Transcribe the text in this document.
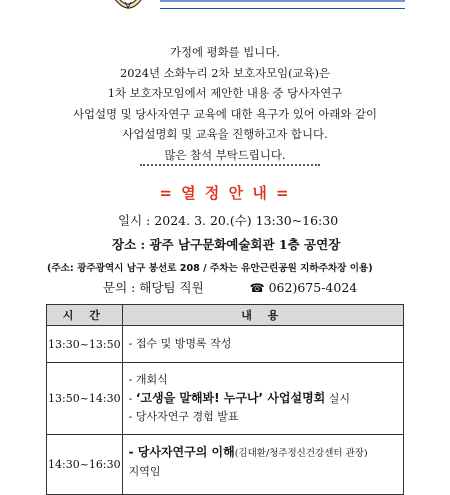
가정에 평화를 빕니다.
2024년 소화누리 2차 보호자모임(교육)은
1차 보호자모임에서 제안한 내용 중 당사자연구
사업설명 및 당사자연구 교육에 대한 욕구가 있어 아래와 같이
사업설명회 및 교육을 진행하고자 합니다.
많은 참석 부탁드립니다.
= 열 정 안 내 =
일시 : 2024. 3. 20.(수) 13:30~16:30
장소 : 광주 남구문화예술회관 1층 공연장
(주소: 광주광역시 남구 봉선로 208 / 주차는 유안근린공원 지하주차장 이용)
문의 : 해당팀 직원	☎ 062)675-4024
시 간	내 용
13:30~13:50	- 접수 및 방명록 작성

13:50~14:30	- 개회식
- ‘고생을 말해봐! 누구나’ 사업설명회 실시
- 당사자연구 경험 발표

14:30~16:30	- 당사자연구의 이해(김대환/청주정신건강센터 관장)
지역임
